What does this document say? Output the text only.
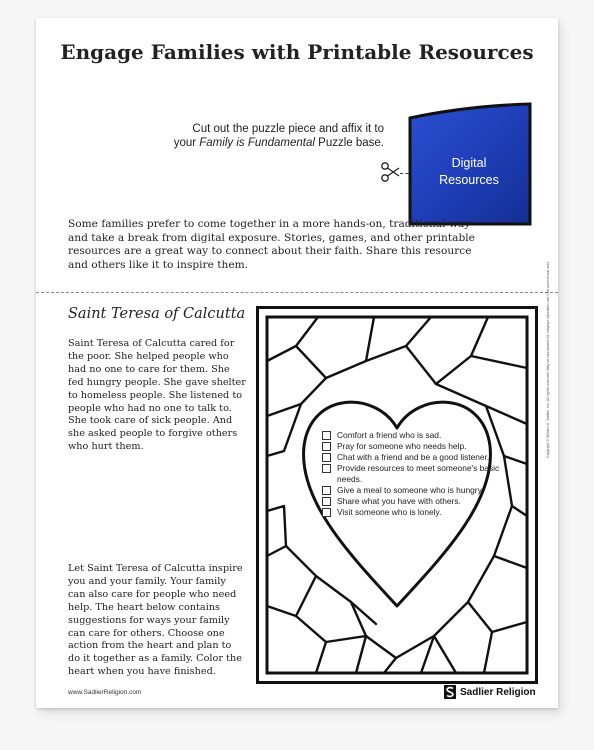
Engage Families with Printable Resources
Cut out the puzzle piece and affix it to
your Family is Fundamental Puzzle base.
Digital
Resources
Some families prefer to come together in a more hands-on, traditional way and take a break from digital exposure. Stories, games, and other printable resources are a great way to connect about their faith. Share this resource and others like it to inspire them.
Saint Teresa of Calcutta
Saint Teresa of Calcutta cared for the poor. She helped people who had no one to care for them. She fed hungry people. She gave shelter to homeless people. She listened to people who had no one to talk to. She took care of sick people. And she asked people to forgive others who hurt them.
Let Saint Teresa of Calcutta inspire you and your family. Your family can also care for people who need help. The heart below contains suggestions for ways your family can care for others. Choose one action from the heart and plan to do it together as a family. Color the heart when you have finished.
Comfort a friend who is sad.
Pray for someone who needs help.
Chat with a friend and be a good listener.
Provide resources to meet someone's basic needs.
Give a meal to someone who is hungry.
Share what you have with others.
Visit someone who is lonely.
Copyright © William H. Sadlier, Inc. All rights reserved. May be reproduced for religious education use (not commercial use).
www.SadlierReligion.com	Sadlier Religion
